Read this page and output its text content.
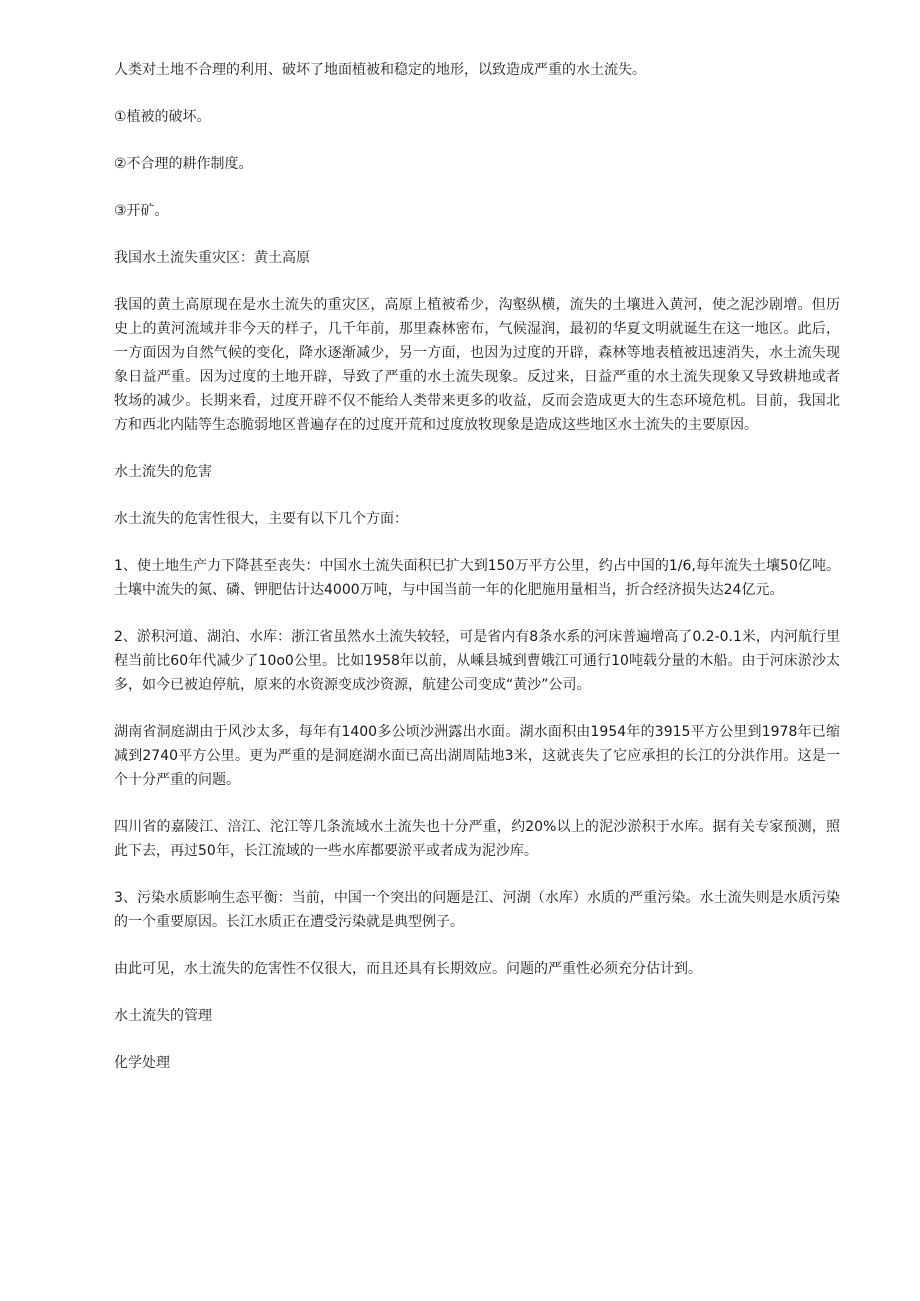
人类对土地不合理的利用、破坏了地面植被和稳定的地形，以致造成严重的水土流失。

①植被的破坏。

②不合理的耕作制度。

③开矿。

我国水土流失重灾区：黄土高原

我国的黄土高原现在是水土流失的重灾区，高原上植被希少，沟壑纵横，流失的土壤进入黄河，使之泥沙剧增。但历史上的黄河流域并非今天的样子，几千年前，那里森林密布，气候湿润，最初的华夏文明就诞生在这一地区。此后，一方面因为自然气候的变化，降水逐渐减少，另一方面，也因为过度的开辟，森林等地表植被迅速消失，水土流失现象日益严重。因为过度的土地开辟，导致了严重的水土流失现象。反过来，日益严重的水土流失现象又导致耕地或者牧场的减少。长期来看，过度开辟不仅不能给人类带来更多的收益，反而会造成更大的生态环境危机。目前，我国北方和西北内陆等生态脆弱地区普遍存在的过度开荒和过度放牧现象是造成这些地区水土流失的主要原因。

水土流失的危害

水土流失的危害性很大，主要有以下几个方面：

1、使土地生产力下降甚至丧失：中国水土流失面积已扩大到150万平方公里，约占中国的1/6,每年流失土壤50亿吨。土壤中流失的氮、磷、钾肥估计达4000万吨，与中国当前一年的化肥施用量相当，折合经济损失达24亿元。

2、淤积河道、湖泊、水库：浙江省虽然水土流失较轻，可是省内有8条水系的河床普遍增高了0.2-0.1米，内河航行里程当前比60年代减少了10o0公里。比如1958年以前，从嵊县城到曹娥江可通行10吨载分量的木船。由于河床淤沙太多，如今已被迫停航，原来的水资源变成沙资源，航建公司变成“黄沙”公司。

湖南省洞庭湖由于风沙太多，每年有1400多公顷沙洲露出水面。湖水面积由1954年的3915平方公里到1978年已缩减到2740平方公里。更为严重的是洞庭湖水面已高出湖周陆地3米，这就丧失了它应承担的长江的分洪作用。这是一个十分严重的问题。

四川省的嘉陵江、涪江、沱江等几条流域水土流失也十分严重，约20%以上的泥沙淤积于水库。据有关专家预测，照此下去，再过50年，长江流域的一些水库都要淤平或者成为泥沙库。

3、污染水质影响生态平衡：当前，中国一个突出的问题是江、河湖（水库）水质的严重污染。水土流失则是水质污染的一个重要原因。长江水质正在遭受污染就是典型例子。

由此可见，水土流失的危害性不仅很大，而且还具有长期效应。问题的严重性必须充分估计到。

水土流失的管理

化学处理
